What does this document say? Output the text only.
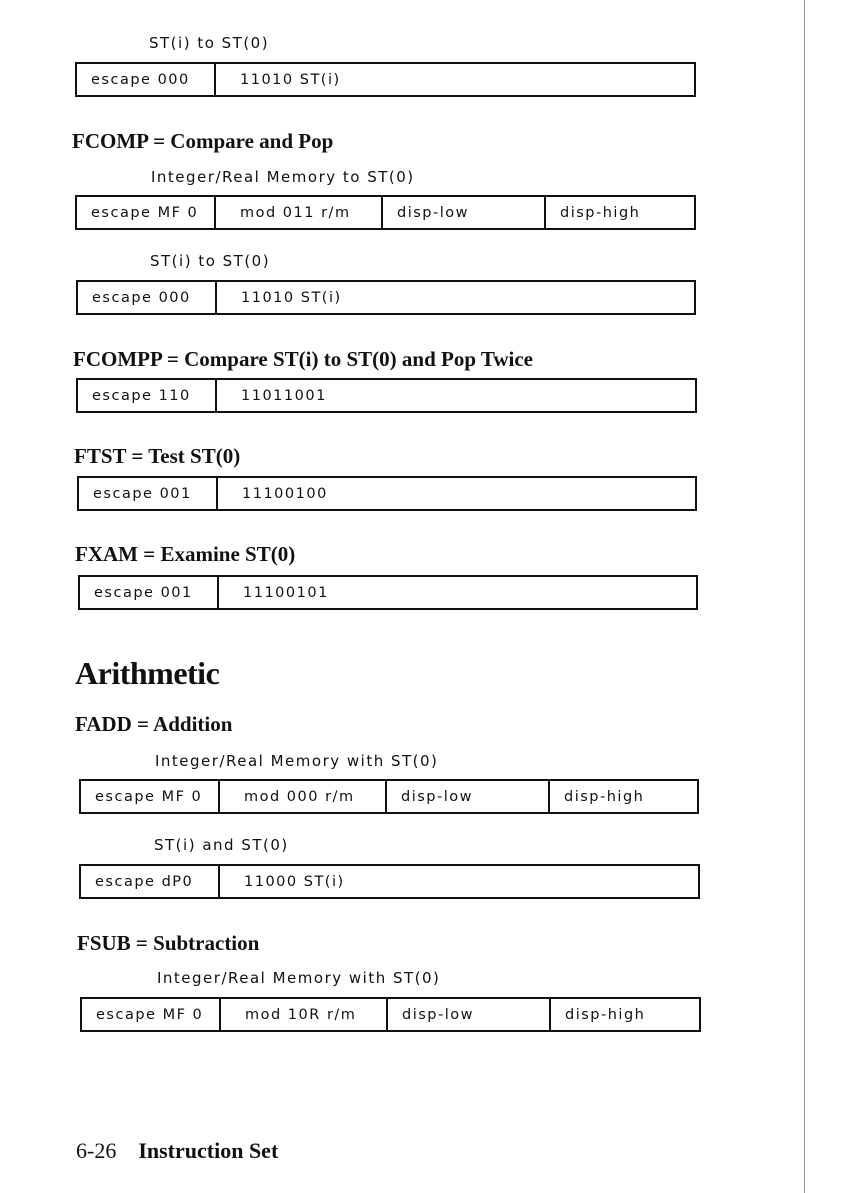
ST(i) to ST(0)
escape 000	11010 ST(i)
FCOMP = Compare and Pop
Integer/Real Memory to ST(0)
escape MF 0	mod 011 r/m	disp-low	disp-high
ST(i) to ST(0)
escape 000	11010 ST(i)
FCOMPP = Compare ST(i) to ST(0) and Pop Twice
escape 110	11011001
FTST = Test ST(0)
escape 001	11100100
FXAM = Examine ST(0)
escape 001	11100101
Arithmetic
FADD = Addition
Integer/Real Memory with ST(0)
escape MF 0	mod 000 r/m	disp-low	disp-high
ST(i) and ST(0)
escape dP0	11000 ST(i)
FSUB = Subtraction
Integer/Real Memory with ST(0)
escape MF 0	mod 10R r/m	disp-low	disp-high
6-26 Instruction Set
